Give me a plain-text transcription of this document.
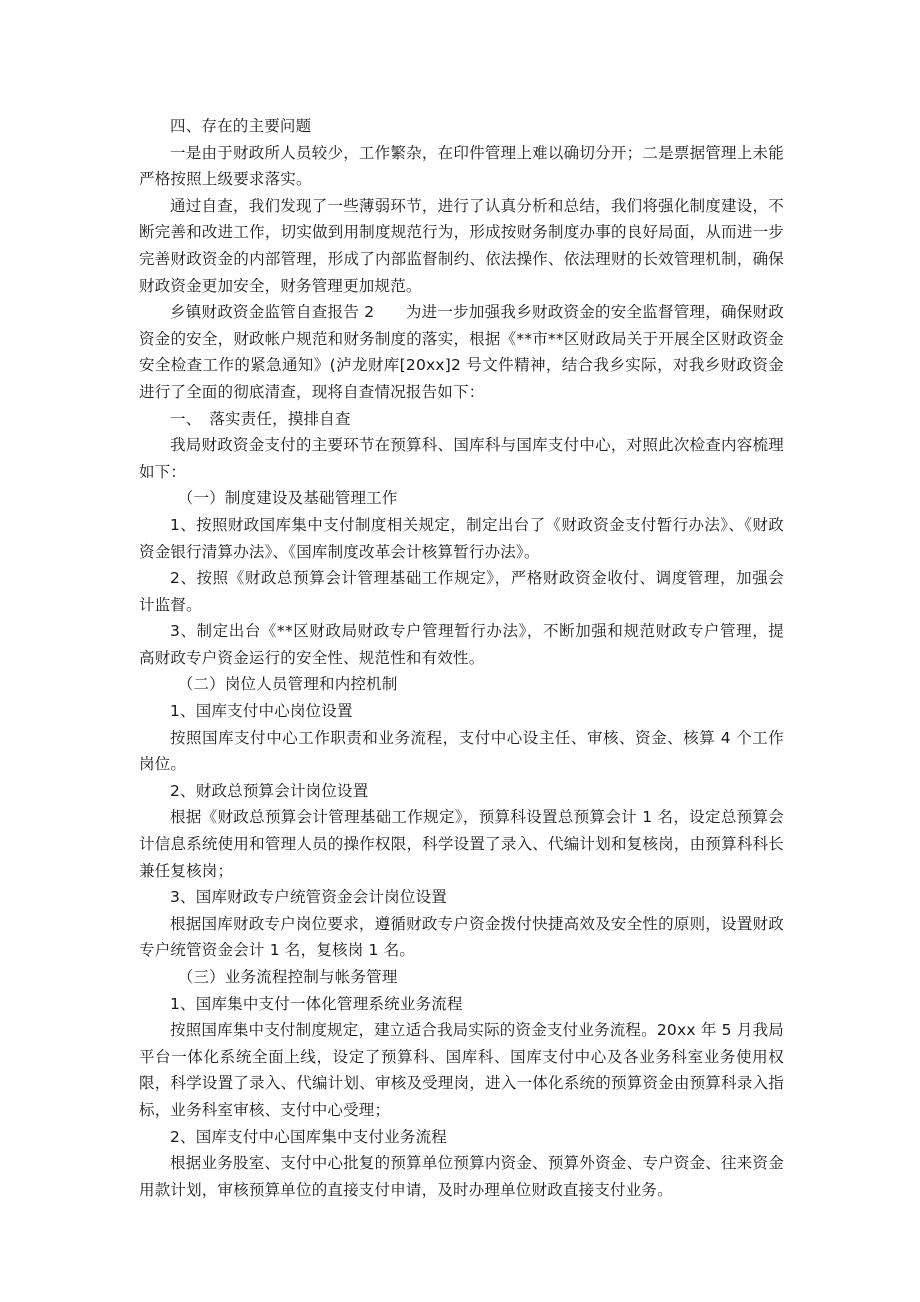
四、存在的主要问题

一是由于财政所人员较少，工作繁杂，在印件管理上难以确切分开；二是票据管理上未能严格按照上级要求落实。

通过自查，我们发现了一些薄弱环节，进行了认真分析和总结，我们将强化制度建设，不断完善和改进工作，切实做到用制度规范行为，形成按财务制度办事的良好局面，从而进一步完善财政资金的内部管理，形成了内部监督制约、依法操作、依法理财的长效管理机制，确保财政资金更加安全，财务管理更加规范。

乡镇财政资金监管自查报告 2　　为进一步加强我乡财政资金的安全监督管理，确保财政资金的安全，财政帐户规范和财务制度的落实，根据《**市**区财政局关于开展全区财政资金安全检查工作的紧急通知》(泸龙财库[20xx]2 号文件精神，结合我乡实际，对我乡财政资金进行了全面的彻底清查，现将自查情况报告如下：

一、　落实责任，摸排自查

我局财政资金支付的主要环节在预算科、国库科与国库支付中心，对照此次检查内容梳理如下：

（一）制度建设及基础管理工作

1、按照财政国库集中支付制度相关规定，制定出台了《财政资金支付暂行办法》、《财政资金银行清算办法》、《国库制度改革会计核算暂行办法》。

2、按照《财政总预算会计管理基础工作规定》，严格财政资金收付、调度管理，加强会计监督。

3、制定出台《**区财政局财政专户管理暂行办法》，不断加强和规范财政专户管理，提高财政专户资金运行的安全性、规范性和有效性。

（二）岗位人员管理和内控机制

1、国库支付中心岗位设置

按照国库支付中心工作职责和业务流程，支付中心设主任、审核、资金、核算 4 个工作岗位。

2、财政总预算会计岗位设置

根据《财政总预算会计管理基础工作规定》，预算科设置总预算会计 1 名，设定总预算会计信息系统使用和管理人员的操作权限，科学设置了录入、代编计划和复核岗，由预算科科长兼任复核岗；

3、国库财政专户统管资金会计岗位设置

根据国库财政专户岗位要求，遵循财政专户资金拨付快捷高效及安全性的原则，设置财政专户统管资金会计 1 名，复核岗 1 名。

（三）业务流程控制与帐务管理

1、国库集中支付一体化管理系统业务流程

按照国库集中支付制度规定，建立适合我局实际的资金支付业务流程。20xx 年 5 月我局平台一体化系统全面上线，设定了预算科、国库科、国库支付中心及各业务科室业务使用权限，科学设置了录入、代编计划、审核及受理岗，进入一体化系统的预算资金由预算科录入指标，业务科室审核、支付中心受理；

2、国库支付中心国库集中支付业务流程

根据业务股室、支付中心批复的预算单位预算内资金、预算外资金、专户资金、往来资金用款计划，审核预算单位的直接支付申请，及时办理单位财政直接支付业务。
